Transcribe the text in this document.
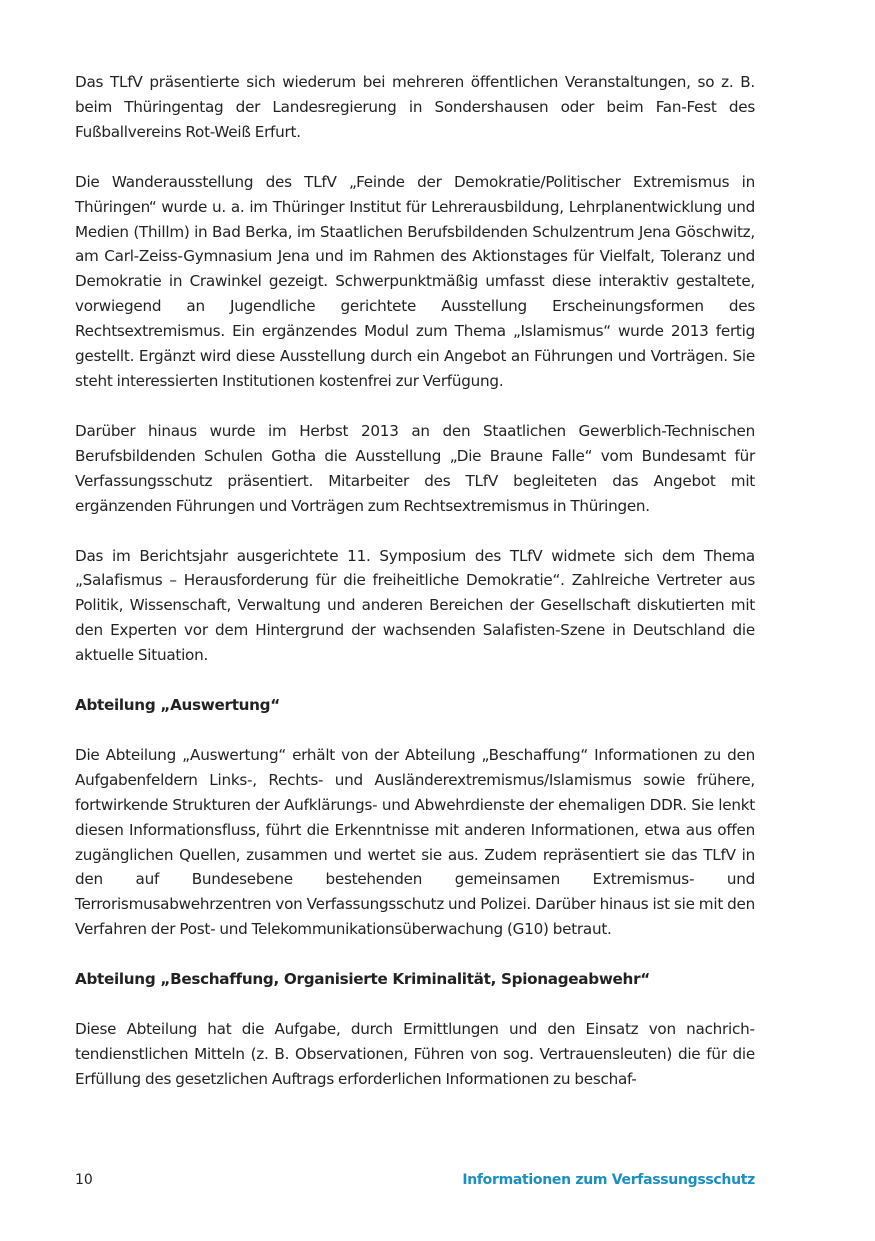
Das TLfV präsentierte sich wiederum bei mehreren öffentlichen Veranstaltungen, so z. B. beim Thüringentag der Landesregierung in Sondershausen oder beim Fan-Fest des Fußballvereins Rot-Weiß Erfurt.

Die Wanderausstellung des TLfV „Feinde der Demokratie/Politischer Extremismus in Thüringen“ wurde u. a. im Thüringer Institut für Lehrerausbildung, Lehrplanentwicklung und Medien (Thillm) in Bad Berka, im Staatlichen Berufsbildenden Schulzentrum Jena Göschwitz, am Carl-Zeiss-Gymnasium Jena und im Rahmen des Aktionstages für Vielfalt, Toleranz und Demokratie in Crawinkel gezeigt. Schwerpunktmäßig umfasst diese interaktiv gestaltete, vorwiegend an Jugendliche gerichtete Ausstellung Erscheinungsformen des Rechtsextremismus. Ein ergänzendes Modul zum Thema „Islamismus“ wurde 2013 fertig gestellt. Ergänzt wird diese Ausstellung durch ein Angebot an Führungen und Vorträgen. Sie steht interessierten Institutionen kostenfrei zur Verfügung.

Darüber hinaus wurde im Herbst 2013 an den Staatlichen Gewerblich-Technischen Berufsbildenden Schulen Gotha die Ausstellung „Die Braune Falle“ vom Bundesamt für Verfassungsschutz präsentiert. Mitarbeiter des TLfV begleiteten das Angebot mit ergänzenden Führungen und Vorträgen zum Rechtsextremismus in Thüringen.

Das im Berichtsjahr ausgerichtete 11. Symposium des TLfV widmete sich dem Thema „Salafismus – Herausforderung für die freiheitliche Demokratie“. Zahlreiche Vertreter aus Politik, Wissenschaft, Verwaltung und anderen Bereichen der Gesellschaft diskutierten mit den Experten vor dem Hintergrund der wachsenden Salafisten-Szene in Deutschland die aktuelle Situation.

Abteilung „Auswertung“

Die Abteilung „Auswertung“ erhält von der Abteilung „Beschaffung“ Informationen zu den Aufgabenfeldern Links-, Rechts- und Ausländerextremismus/Islamismus sowie frühere, fortwirkende Strukturen der Aufklärungs- und Abwehrdienste der ehemaligen DDR. Sie lenkt diesen Informationsfluss, führt die Erkenntnisse mit anderen Informationen, etwa aus offen zugänglichen Quellen, zusammen und wertet sie aus. Zudem repräsentiert sie das TLfV in den auf Bundesebene bestehenden gemeinsamen Extremismus- und Terrorismusabwehrzentren von Verfassungsschutz und Polizei. Darüber hinaus ist sie mit den Verfahren der Post- und Telekommunikationsüberwachung (G10) betraut.

Abteilung „Beschaffung, Organisierte Kriminalität, Spionageabwehr“

Diese Abteilung hat die Aufgabe, durch Ermittlungen und den Einsatz von nachrichtendienstlichen Mitteln (z. B. Observationen, Führen von sog. Vertrauensleuten) die für die Erfüllung des gesetzlichen Auftrags erforderlichen Informationen zu beschaf-

10	Informationen zum Verfassungsschutz
